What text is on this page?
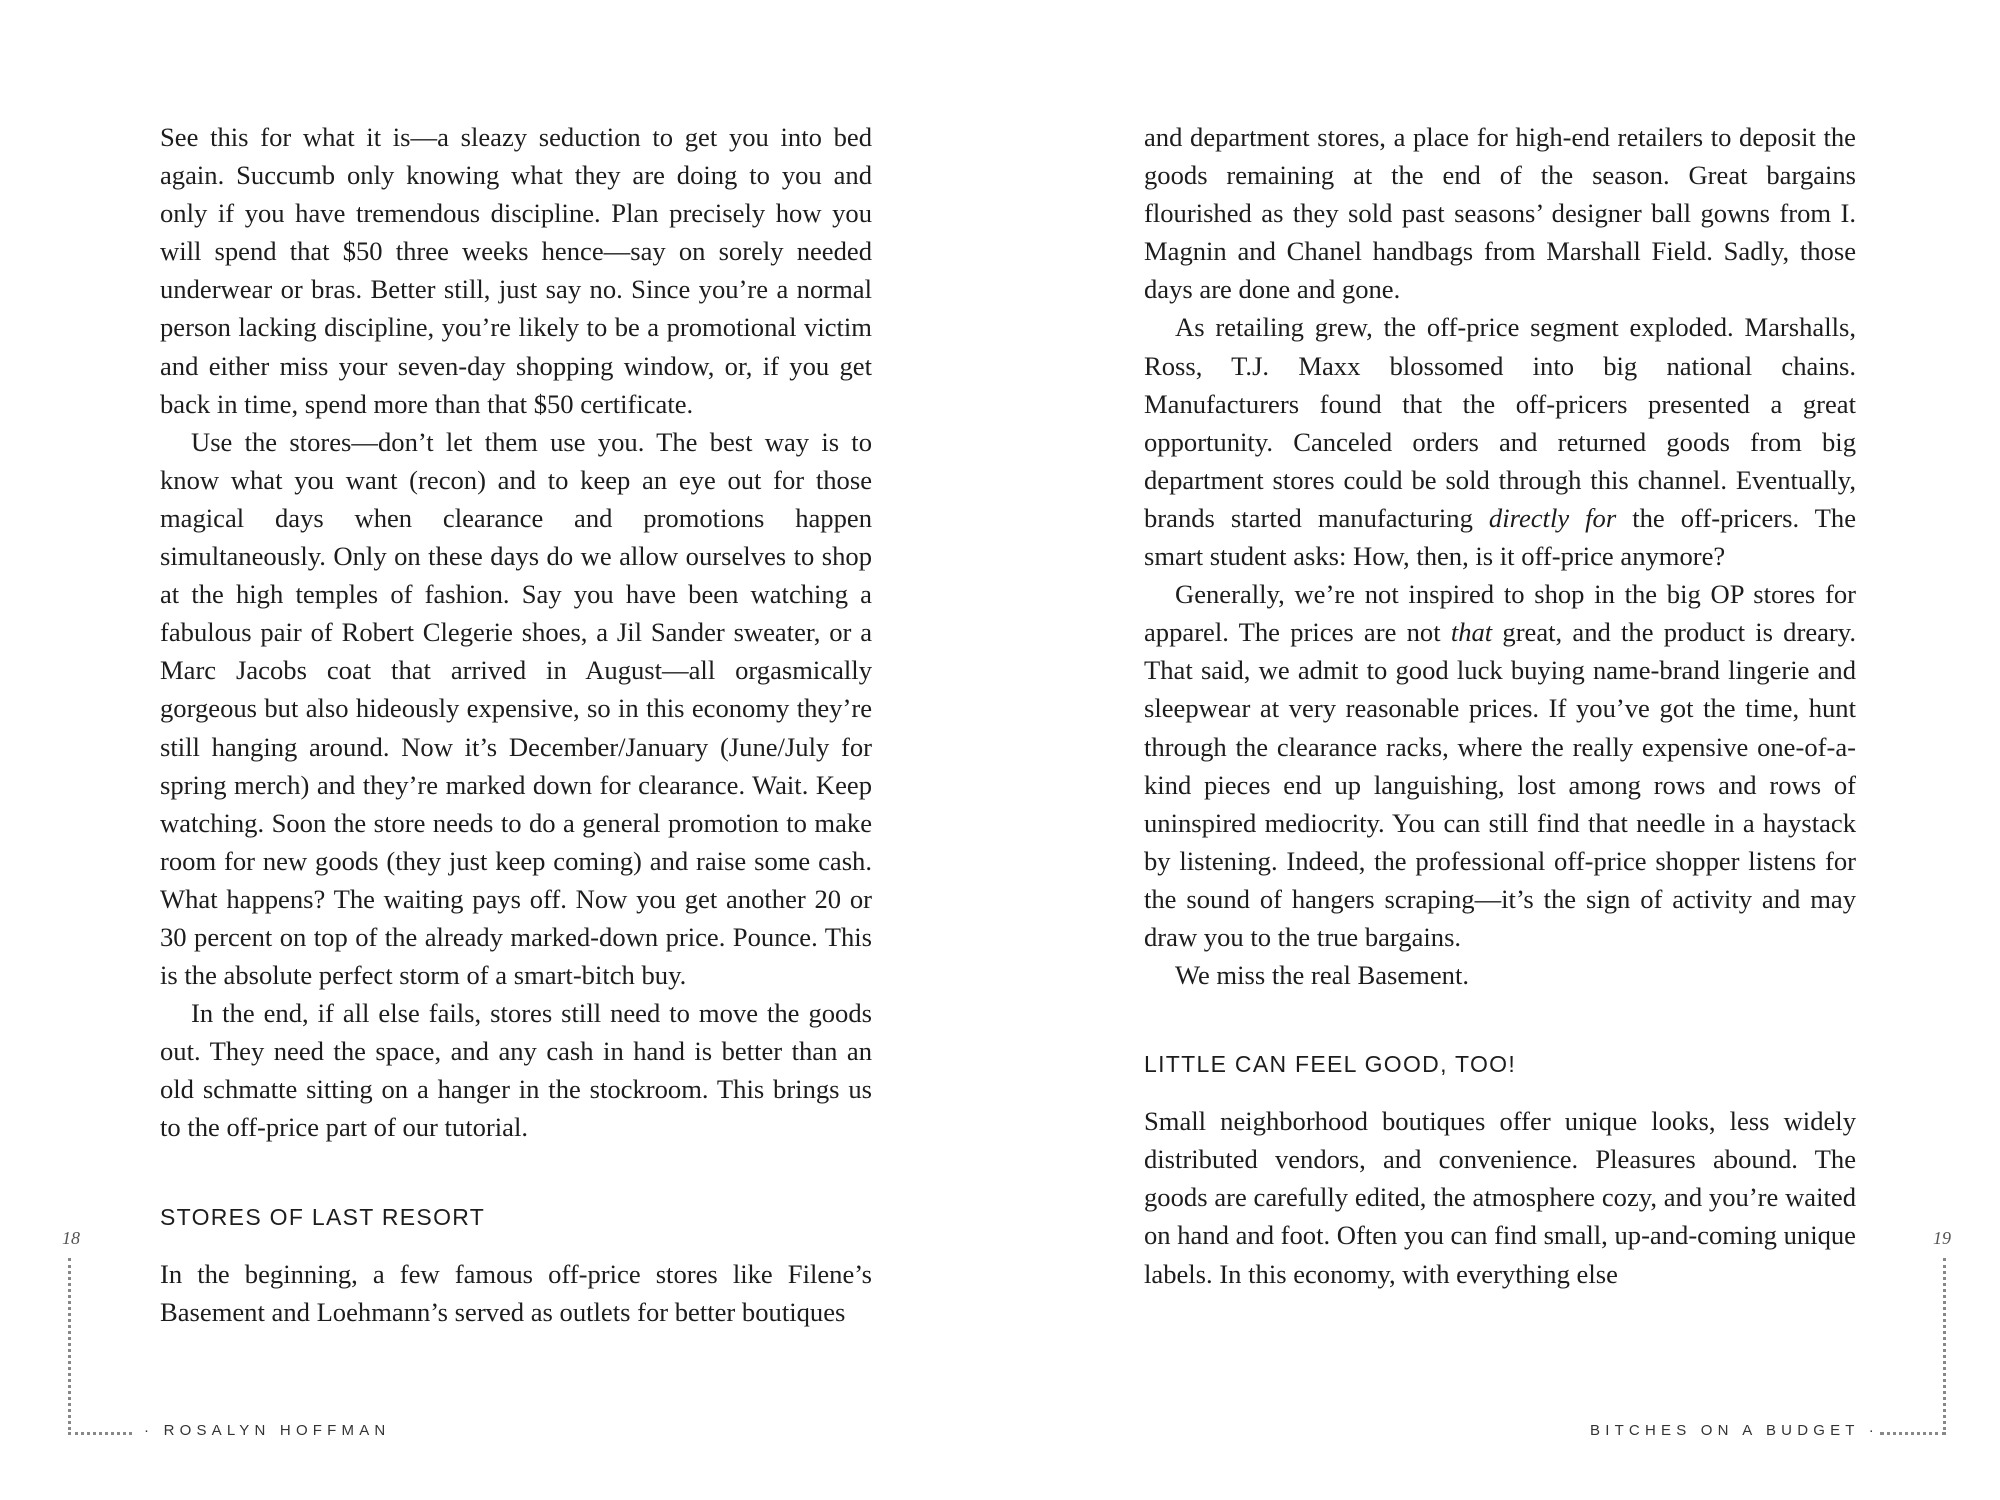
See this for what it is—a sleazy seduction to get you into bed again. Succumb only knowing what they are doing to you and only if you have tremendous discipline. Plan precisely how you will spend that $50 three weeks hence—say on sorely needed underwear or bras. Better still, just say no. Since you’re a normal person lacking discipline, you’re likely to be a promotional victim and either miss your seven-day shopping window, or, if you get back in time, spend more than that $50 certificate.

Use the stores—don’t let them use you. The best way is to know what you want (recon) and to keep an eye out for those magical days when clearance and promotions happen simultaneously. Only on these days do we allow ourselves to shop at the high temples of fashion. Say you have been watching a fabulous pair of Robert Clegerie shoes, a Jil Sander sweater, or a Marc Jacobs coat that arrived in August—all orgasmically gorgeous but also hideously expensive, so in this economy they’re still hanging around. Now it’s December/January (June/July for spring merch) and they’re marked down for clearance. Wait. Keep watching. Soon the store needs to do a general promotion to make room for new goods (they just keep coming) and raise some cash. What happens? The waiting pays off. Now you get another 20 or 30 percent on top of the already marked-down price. Pounce. This is the absolute perfect storm of a smart-bitch buy.

In the end, if all else fails, stores still need to move the goods out. They need the space, and any cash in hand is better than an old schmatte sitting on a hanger in the stockroom. This brings us to the off-price part of our tutorial.

STORES OF LAST RESORT

In the beginning, a few famous off-price stores like Filene’s Basement and Loehmann’s served as outlets for better boutiques

18
· ROSALYN HOFFMAN

and department stores, a place for high-end retailers to deposit the goods remaining at the end of the season. Great bargains flourished as they sold past seasons’ designer ball gowns from I. Magnin and Chanel handbags from Marshall Field. Sadly, those days are done and gone.

As retailing grew, the off-price segment exploded. Marshalls, Ross, T.J. Maxx blossomed into big national chains. Manufacturers found that the off-pricers presented a great opportunity. Canceled orders and returned goods from big department stores could be sold through this channel. Eventually, brands started manufacturing directly for the off-pricers. The smart student asks: How, then, is it off-price anymore?

Generally, we’re not inspired to shop in the big OP stores for apparel. The prices are not that great, and the product is dreary. That said, we admit to good luck buying name-brand lingerie and sleepwear at very reasonable prices. If you’ve got the time, hunt through the clearance racks, where the really expensive one-of-a-kind pieces end up languishing, lost among rows and rows of uninspired mediocrity. You can still find that needle in a haystack by listening. Indeed, the professional off-price shopper listens for the sound of hangers scraping—it’s the sign of activity and may draw you to the true bargains.

We miss the real Basement.

LITTLE CAN FEEL GOOD, TOO!

Small neighborhood boutiques offer unique looks, less widely distributed vendors, and convenience. Pleasures abound. The goods are carefully edited, the atmosphere cozy, and you’re waited on hand and foot. Often you can find small, up-and-coming unique labels. In this economy, with everything else

19
BITCHES ON A BUDGET ·
